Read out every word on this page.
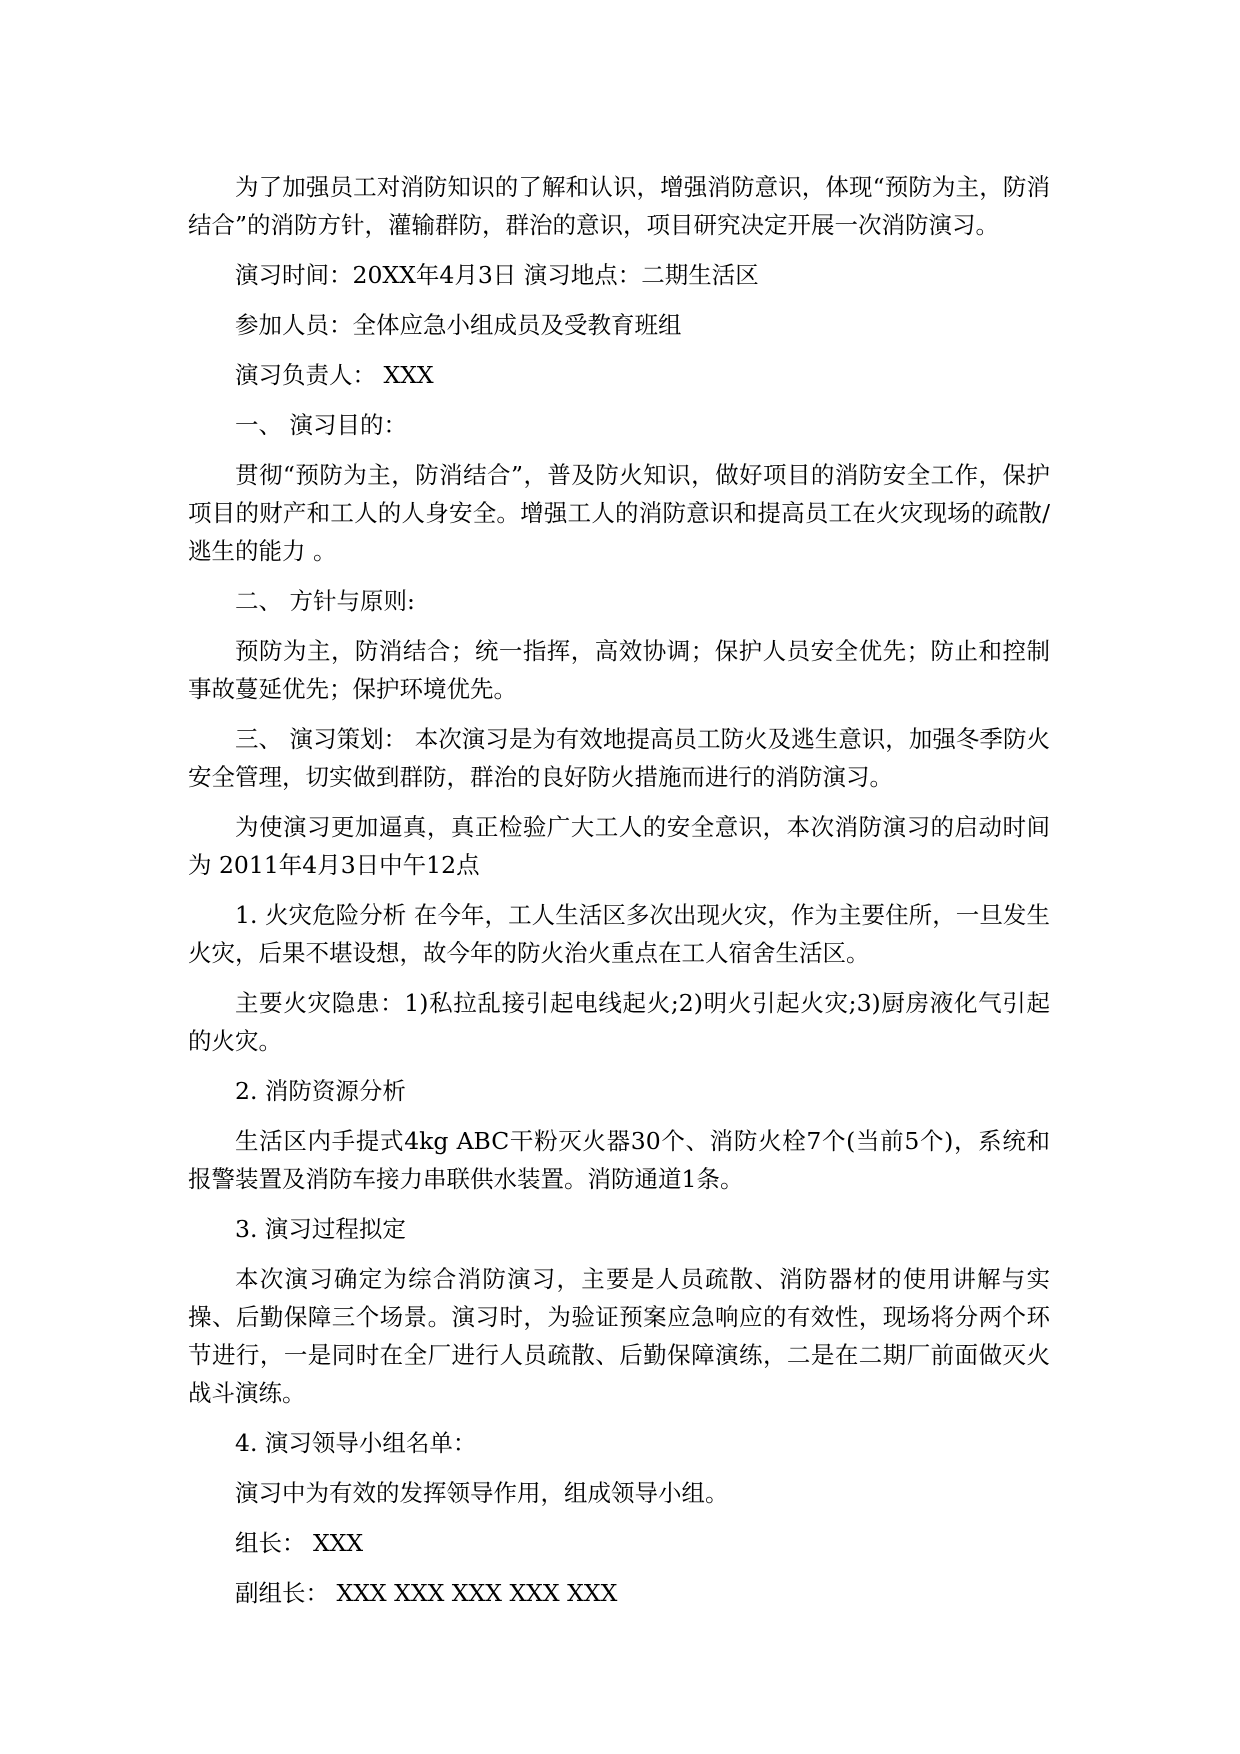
为了加强员工对消防知识的了解和认识，增强消防意识，体现“预防为主，防消结合”的消防方针，灌输群防，群治的意识，项目研究决定开展一次消防演习。

演习时间：20XX年4月3日 演习地点：二期生活区

参加人员：全体应急小组成员及受教育班组

演习负责人： XXX

一、 演习目的：

贯彻“预防为主，防消结合”，普及防火知识，做好项目的消防安全工作，保护项目的财产和工人的人身安全。增强工人的消防意识和提高员工在火灾现场的疏散/逃生的能力 。

二、 方针与原则:

预防为主，防消结合；统一指挥，高效协调；保护人员安全优先；防止和控制事故蔓延优先；保护环境优先。

三、 演习策划： 本次演习是为有效地提高员工防火及逃生意识，加强冬季防火安全管理，切实做到群防，群治的良好防火措施而进行的消防演习。

为使演习更加逼真，真正检验广大工人的安全意识，本次消防演习的启动时间为 2011年4月3日中午12点

1. 火灾危险分析 在今年，工人生活区多次出现火灾，作为主要住所，一旦发生火灾，后果不堪设想，故今年的防火治火重点在工人宿舍生活区。

主要火灾隐患：1)私拉乱接引起电线起火;2)明火引起火灾;3)厨房液化气引起的火灾。

2. 消防资源分析

生活区内手提式4kg ABC干粉灭火器30个、消防火栓7个(当前5个)，系统和报警装置及消防车接力串联供水装置。消防通道1条。

3. 演习过程拟定

本次演习确定为综合消防演习，主要是人员疏散、消防器材的使用讲解与实操、后勤保障三个场景。演习时，为验证预案应急响应的有效性，现场将分两个环节进行，一是同时在全厂进行人员疏散、后勤保障演练，二是在二期厂前面做灭火战斗演练。

4. 演习领导小组名单：

演习中为有效的发挥领导作用，组成领导小组。

组长： XXX

副组长： XXX XXX XXX XXX XXX
